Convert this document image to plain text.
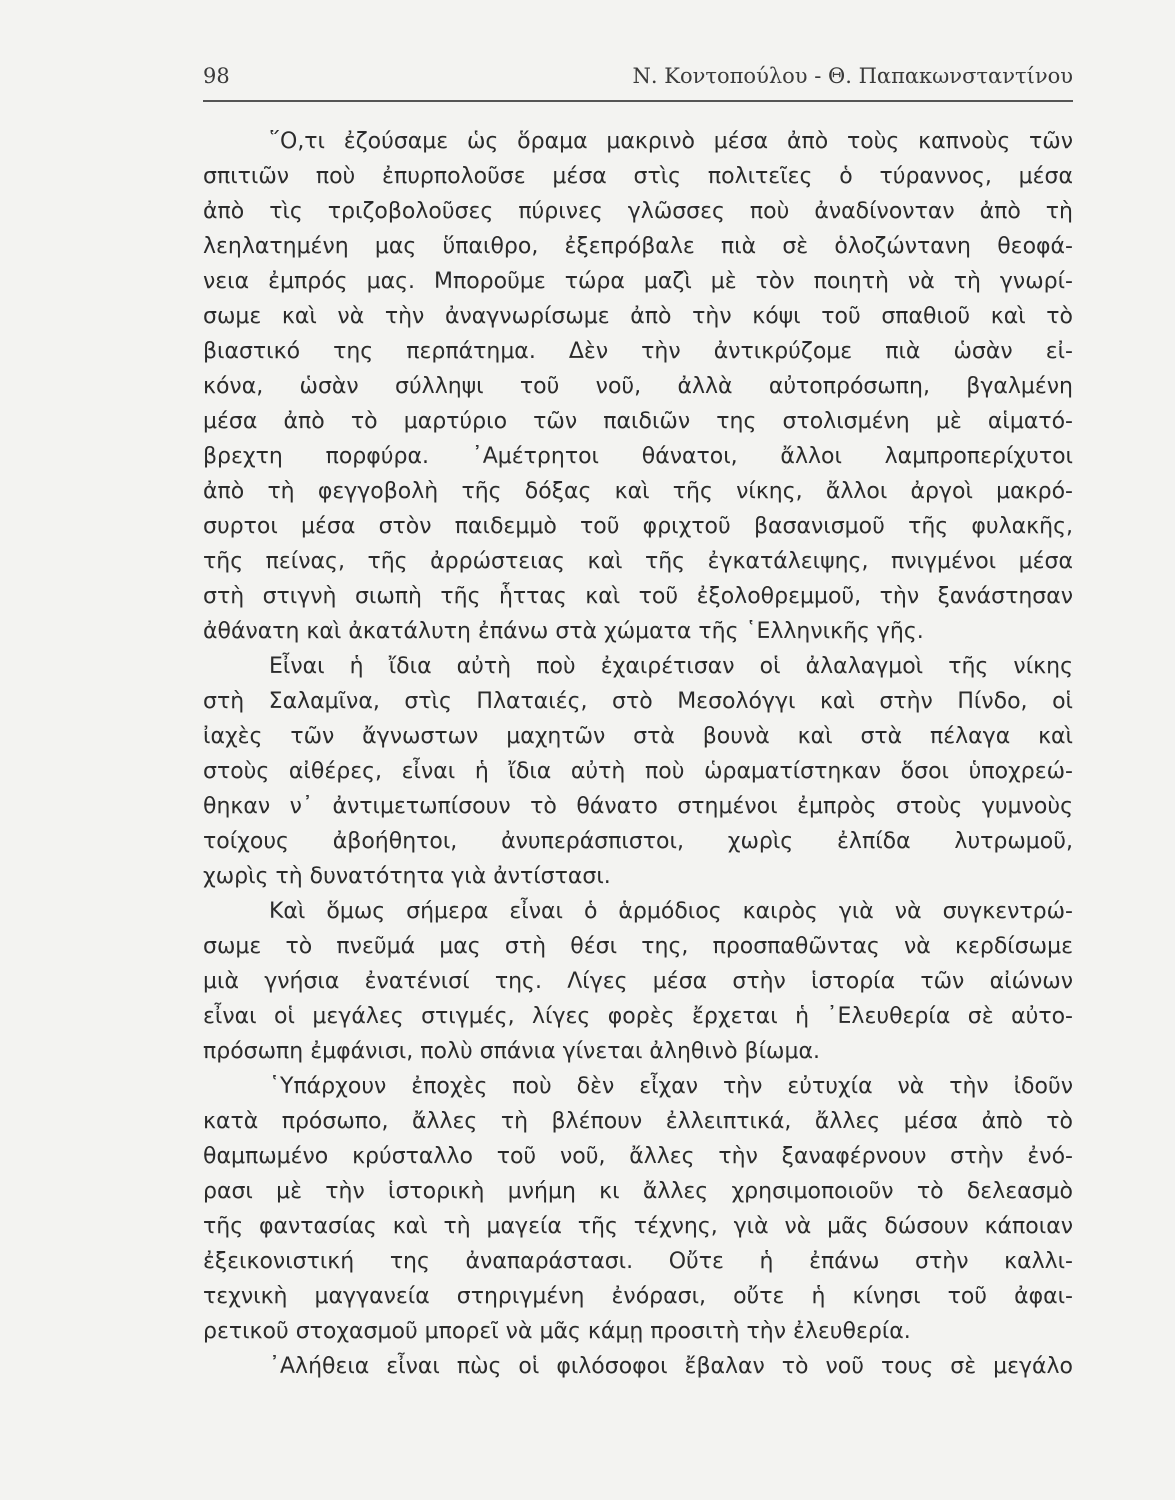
98	Ν. Κοντοπούλου - Θ. Παπακωνσταντίνου
῞Ο,τι ἐζούσαμε ὡς ὅραμα μακρινὸ μέσα ἀπὸ τοὺς καπνοὺς τῶν
σπιτιῶν ποὺ ἐπυρπολοῦσε μέσα στὶς πολιτεῖες ὁ τύραννος, μέσα
ἀπὸ τὶς τριζοβολοῦσες πύρινες γλῶσσες ποὺ ἀναδίνονταν ἀπὸ τὴ
λεηλατημένη μας ὕπαιθρο, ἐξεπρόβαλε πιὰ σὲ ὁλοζώντανη θεοφά-
νεια ἐμπρός μας. Μποροῦμε τώρα μαζὶ μὲ τὸν ποιητὴ νὰ τὴ γνωρί-
σωμε καὶ νὰ τὴν ἀναγνωρίσωμε ἀπὸ τὴν κόψι τοῦ σπαθιοῦ καὶ τὸ
βιαστικό της περπάτημα. Δὲν τὴν ἀντικρύζομε πιὰ ὡσὰν εἰ-
κόνα, ὡσὰν σύλληψι τοῦ νοῦ, ἀλλὰ αὐτοπρόσωπη, βγαλμένη
μέσα ἀπὸ τὸ μαρτύριο τῶν παιδιῶν της στολισμένη μὲ αἱματό-
βρεχτη πορφύρα. ᾿Αμέτρητοι θάνατοι, ἄλλοι λαμπροπερίχυτοι
ἀπὸ τὴ φεγγοβολὴ τῆς δόξας καὶ τῆς νίκης, ἄλλοι ἀργοὶ μακρό-
συρτοι μέσα στὸν παιδεμμὸ τοῦ φριχτοῦ βασανισμοῦ τῆς φυλακῆς,
τῆς πείνας, τῆς ἀρρώστειας καὶ τῆς ἐγκατάλειψης, πνιγμένοι μέσα
στὴ στιγνὴ σιωπὴ τῆς ἧττας καὶ τοῦ ἐξολοθρεμμοῦ, τὴν ξανάστησαν
ἀθάνατη καὶ ἀκατάλυτη ἐπάνω στὰ χώματα τῆς ῾Ελληνικῆς γῆς.
Εἶναι ἡ ἴδια αὐτὴ ποὺ ἐχαιρέτισαν οἱ ἀλαλαγμοὶ τῆς νίκης
στὴ Σαλαμῖνα, στὶς Πλαταιές, στὸ Μεσολόγγι καὶ στὴν Πίνδο, οἱ
ἰαχὲς τῶν ἄγνωστων μαχητῶν στὰ βουνὰ καὶ στὰ πέλαγα καὶ
στοὺς αἰθέρες, εἶναι ἡ ἴδια αὐτὴ ποὺ ὡραματίστηκαν ὅσοι ὑποχρεώ-
θηκαν ν᾿ ἀντιμετωπίσουν τὸ θάνατο στημένοι ἐμπρὸς στοὺς γυμνοὺς
τοίχους ἀβοήθητοι, ἀνυπεράσπιστοι, χωρὶς ἐλπίδα λυτρωμοῦ,
χωρὶς τὴ δυνατότητα γιὰ ἀντίστασι.
Καὶ ὅμως σήμερα εἶναι ὁ ἁρμόδιος καιρὸς γιὰ νὰ συγκεντρώ-
σωμε τὸ πνεῦμά μας στὴ θέσι της, προσπαθῶντας νὰ κερδίσωμε
μιὰ γνήσια ἐνατένισί της. Λίγες μέσα στὴν ἱστορία τῶν αἰώνων
εἶναι οἱ μεγάλες στιγμές, λίγες φορὲς ἔρχεται ἡ ᾿Ελευθερία σὲ αὐτο-
πρόσωπη ἐμφάνισι, πολὺ σπάνια γίνεται ἀληθινὸ βίωμα.
῾Υπάρχουν ἐποχὲς ποὺ δὲν εἶχαν τὴν εὐτυχία νὰ τὴν ἰδοῦν
κατὰ πρόσωπο, ἄλλες τὴ βλέπουν ἐλλειπτικά, ἄλλες μέσα ἀπὸ τὸ
θαμπωμένο κρύσταλλο τοῦ νοῦ, ἄλλες τὴν ξαναφέρνουν στὴν ἐνό-
ρασι μὲ τὴν ἱστορικὴ μνήμη κι ἄλλες χρησιμοποιοῦν τὸ δελεασμὸ
τῆς φαντασίας καὶ τὴ μαγεία τῆς τέχνης, γιὰ νὰ μᾶς δώσουν κάποιαν
ἐξεικονιστική της ἀναπαράστασι. Οὔτε ἡ ἐπάνω στὴν καλλι-
τεχνικὴ μαγγανεία στηριγμένη ἐνόρασι, οὔτε ἡ κίνησι τοῦ ἀφαι-
ρετικοῦ στοχασμοῦ μπορεῖ νὰ μᾶς κάμῃ προσιτὴ τὴν ἐλευθερία.
᾿Αλήθεια εἶναι πὼς οἱ φιλόσοφοι ἔβαλαν τὸ νοῦ τους σὲ μεγάλο
